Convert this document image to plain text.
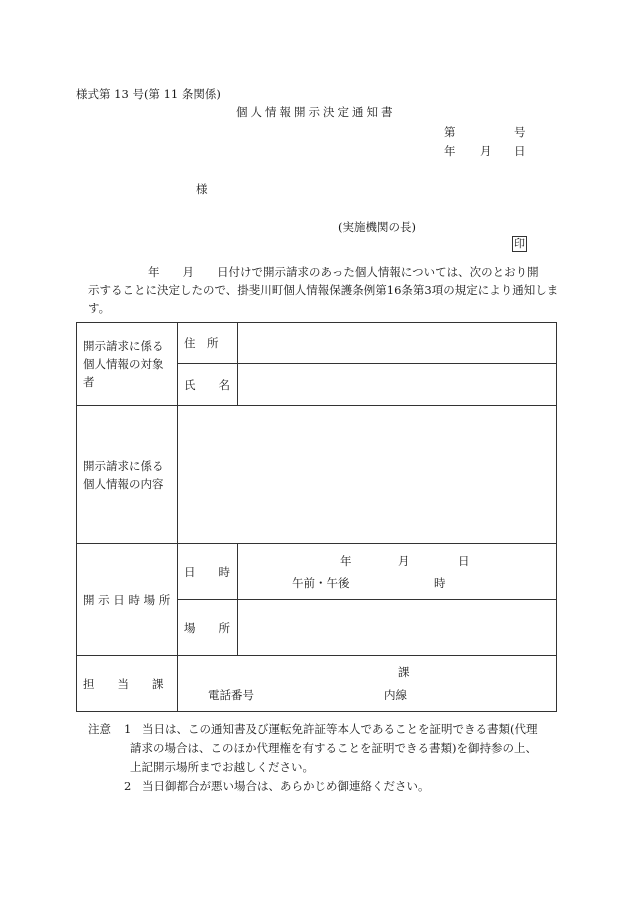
様式第 13 号(第 11 条関係)
個人情報開示決定通知書
第	号
年 月 日
様
(実施機関の長)
印
年　　月　　日付けで開示請求のあった個人情報については、次のとおり開
示することに決定したので、掛斐川町個人情報保護条例第16条第3項の規定により通知しま
す。
開示請求に係る
個人情報の対象
者	住　所	
	氏　　名	

開示請求に係る
個人情報の内容		

開 示 日 時 場 所	日　　時	年 月 日
午前・午後 時

	場　　所	
担　　当　　課	課
電話番号 内線	
注意 1 当日は、この通知書及び運転免許証等本人であることを証明できる書類(代理
請求の場合は、このほか代理権を有することを証明できる書類)を御持参の上、
上記開示場所までお越しください。
2 当日御都合が悪い場合は、あらかじめ御連絡ください。
